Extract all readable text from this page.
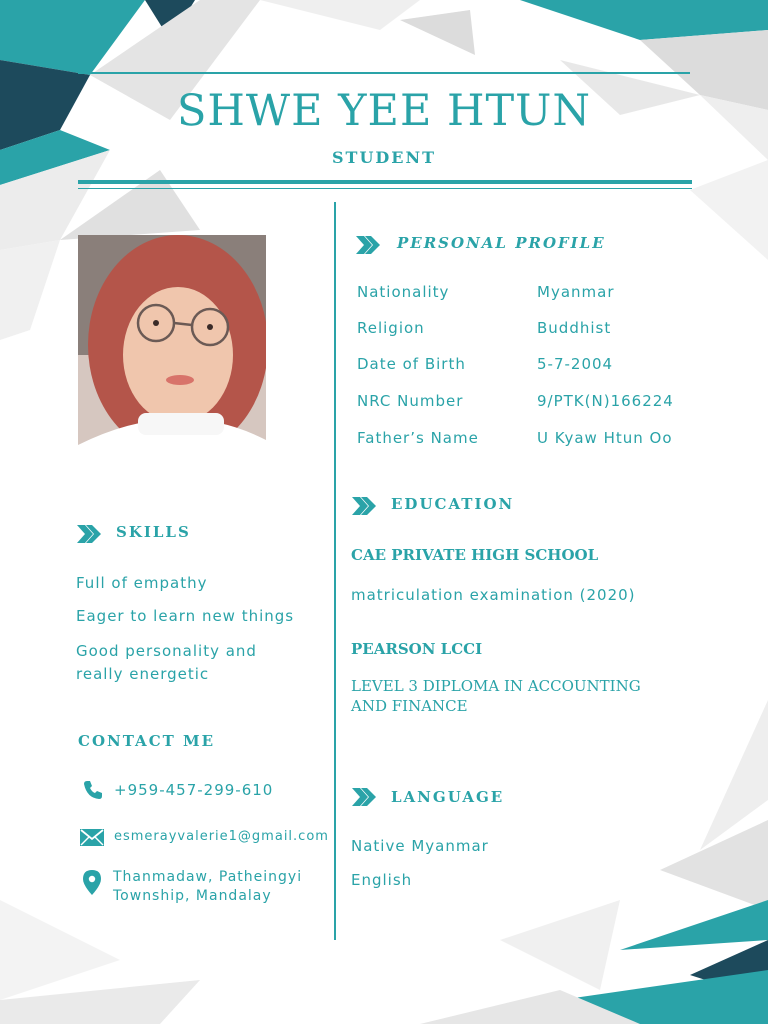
SHWE YEE HTUN
STUDENT
PERSONAL PROFILE
Nationality	Myanmar
Religion	Buddhist
Date of Birth	5-7-2004
NRC Number	9/PTK(N)166224
Father’s Name	U Kyaw Htun Oo
EDUCATION
CAE PRIVATE HIGH SCHOOL
matriculation examination (2020)
PEARSON LCCI
LEVEL 3 DIPLOMA IN ACCOUNTING
AND FINANCE
LANGUAGE
Native Myanmar
English
SKILLS
Full of empathy
Eager to learn new things
Good personality and
really energetic
CONTACT ME
+959-457-299-610
esmerayvalerie1@gmail.com
Thanmadaw, Patheingyi
Township, Mandalay
